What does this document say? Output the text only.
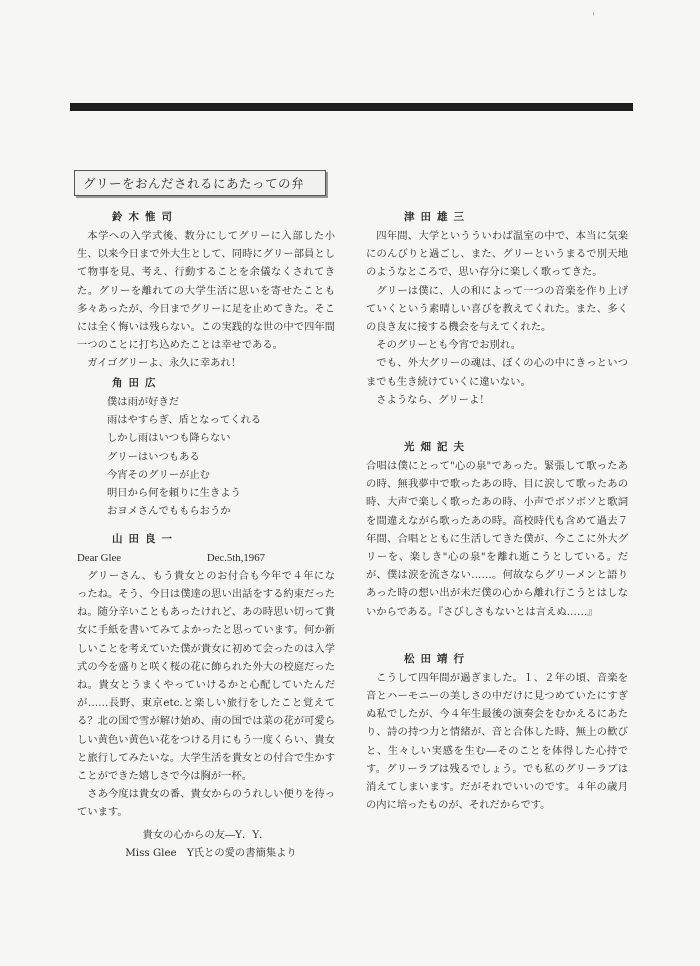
'
グリーをおんだされるにあたっての弁
鈴木惟司

本学への入学式後、数分にしてグリーに入部した小生、以来今日まで外大生として、同時にグリー部員として物事を見、考え、行動することを余儀なくされてきた。グリーを離れての大学生活に思いを寄せたことも多々あったが、今日までグリーに足を止めてきた。そこには全く悔いは残らない。この実践的な世の中で四年間一つのことに打ち込めたことは幸せである。

ガイゴグリーよ、永久に幸あれ！

角田広
僕は雨が好きだ
雨はやすらぎ、盾となってくれる
しかし雨はいつも降らない
グリーはいつもある
今宵そのグリーが止む
明日から何を頼りに生きよう
おヨメさんでももらおうか
山田良一
Dear Glee	Dec.5th,1967

グリーさん、もう貴女とのお付合も今年で４年になったね。そう、今日は僕達の思い出話をする約束だったね。随分辛いこともあったけれど、あの時思い切って貴女に手紙を書いてみてよかったと思っています。何か新しいことを考えていた僕が貴女に初めて会ったのは入学式の今を盛りと咲く桜の花に飾られた外大の校庭だったね。貴女とうまくやっていけるかと心配していたんだが……長野、東京etc.と楽しい旅行をしたこと覚えてる？北の国で雪が解け始め、南の国では菜の花が可愛らしい黄色い黄色い花をつける月にもう一度くらい、貴女と旅行してみたいな。大学生活を貴女との付合で生かすことができた嬉しさで今は胸が一杯。

さあ今度は貴女の番、貴女からのうれしい便りを待っています。

貴女の心からの友―Y．Y．
Miss Glee　Y氏との愛の書簡集より
津田雄三

四年間、大学というういわば温室の中で、本当に気楽にのんびりと過ごし、また、グリーというまるで別天地のようなところで、思い存分に楽しく歌ってきた。

グリーは僕に、人の和によって一つの音楽を作り上げていくという素晴しい喜びを教えてくれた。また、多くの良き友に接する機会を与えてくれた。

そのグリーとも今宵でお別れ。

でも、外大グリーの魂は、ぼくの心の中にきっといつまでも生き続けていくに違いない。

さようなら、グリーよ！

光畑記夫

合唱は僕にとって"心の泉"であった。緊張して歌ったあの時、無我夢中で歌ったあの時、目に涙して歌ったあの時、大声で楽しく歌ったあの時、小声でボソボソと歌詞を間違えながら歌ったあの時。高校時代も含めて過去７年間、合唱とともに生活してきた僕が、今ここに外大グリーを、楽しき"心の泉"を離れ逝こうとしている。だが、僕は涙を流さない……。何故ならグリーメンと語りあった時の想い出が未だ僕の心から離れ行こうとはしないからである。『さびしさもないとは言えぬ……』

松田靖行

こうして四年間が過ぎました。１、２年の頃、音楽を音とハーモニーの美しさの中だけに見つめていたにすぎぬ私でしたが、今４年生最後の演奏会をむかえるにあたり、詩の持つ力と情緒が、音と合体した時、無上の歓びと、生々しい実感を生む―そのことを体得した心持です。グリーラブは残るでしょう。でも私のグリーラブは消えてしまいます。だがそれでいいのです。４年の歳月の内に培ったものが、それだからです。
